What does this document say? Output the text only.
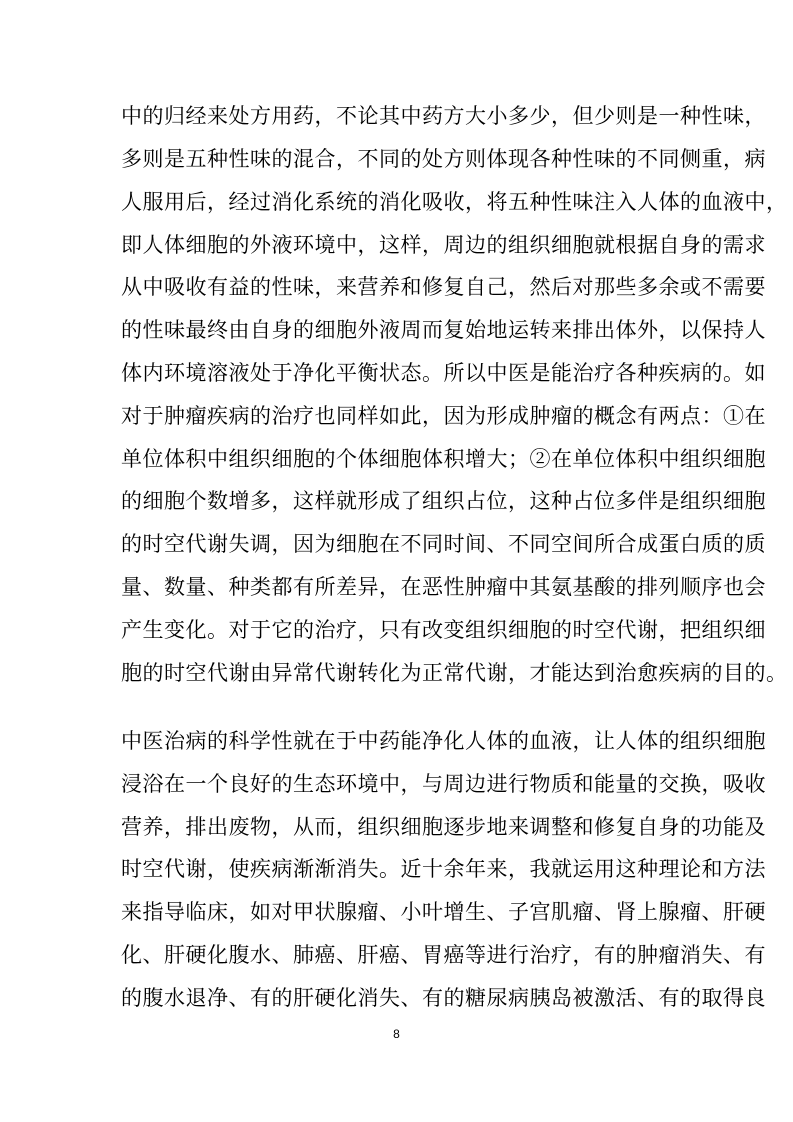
中的归经来处方用药，不论其中药方大小多少，但少则是一种性味，
多则是五种性味的混合，不同的处方则体现各种性味的不同侧重，病
人服用后，经过消化系统的消化吸收，将五种性味注入人体的血液中，
即人体细胞的外液环境中，这样，周边的组织细胞就根据自身的需求
从中吸收有益的性味，来营养和修复自己，然后对那些多余或不需要
的性味最终由自身的细胞外液周而复始地运转来排出体外，以保持人
体内环境溶液处于净化平衡状态。所以中医是能治疗各种疾病的。如
对于肿瘤疾病的治疗也同样如此，因为形成肿瘤的概念有两点：①在
单位体积中组织细胞的个体细胞体积增大；②在单位体积中组织细胞
的细胞个数增多，这样就形成了组织占位，这种占位多伴是组织细胞
的时空代谢失调，因为细胞在不同时间、不同空间所合成蛋白质的质
量、数量、种类都有所差异，在恶性肿瘤中其氨基酸的排列顺序也会
产生变化。对于它的治疗，只有改变组织细胞的时空代谢，把组织细
胞的时空代谢由异常代谢转化为正常代谢，才能达到治愈疾病的目的。
中医治病的科学性就在于中药能净化人体的血液，让人体的组织细胞
浸浴在一个良好的生态环境中，与周边进行物质和能量的交换，吸收
营养，排出废物，从而，组织细胞逐步地来调整和修复自身的功能及
时空代谢，使疾病渐渐消失。近十余年来，我就运用这种理论和方法
来指导临床，如对甲状腺瘤、小叶增生、子宫肌瘤、肾上腺瘤、肝硬
化、肝硬化腹水、肺癌、肝癌、胃癌等进行治疗，有的肿瘤消失、有
的腹水退净、有的肝硬化消失、有的糖尿病胰岛被激活、有的取得良
8
